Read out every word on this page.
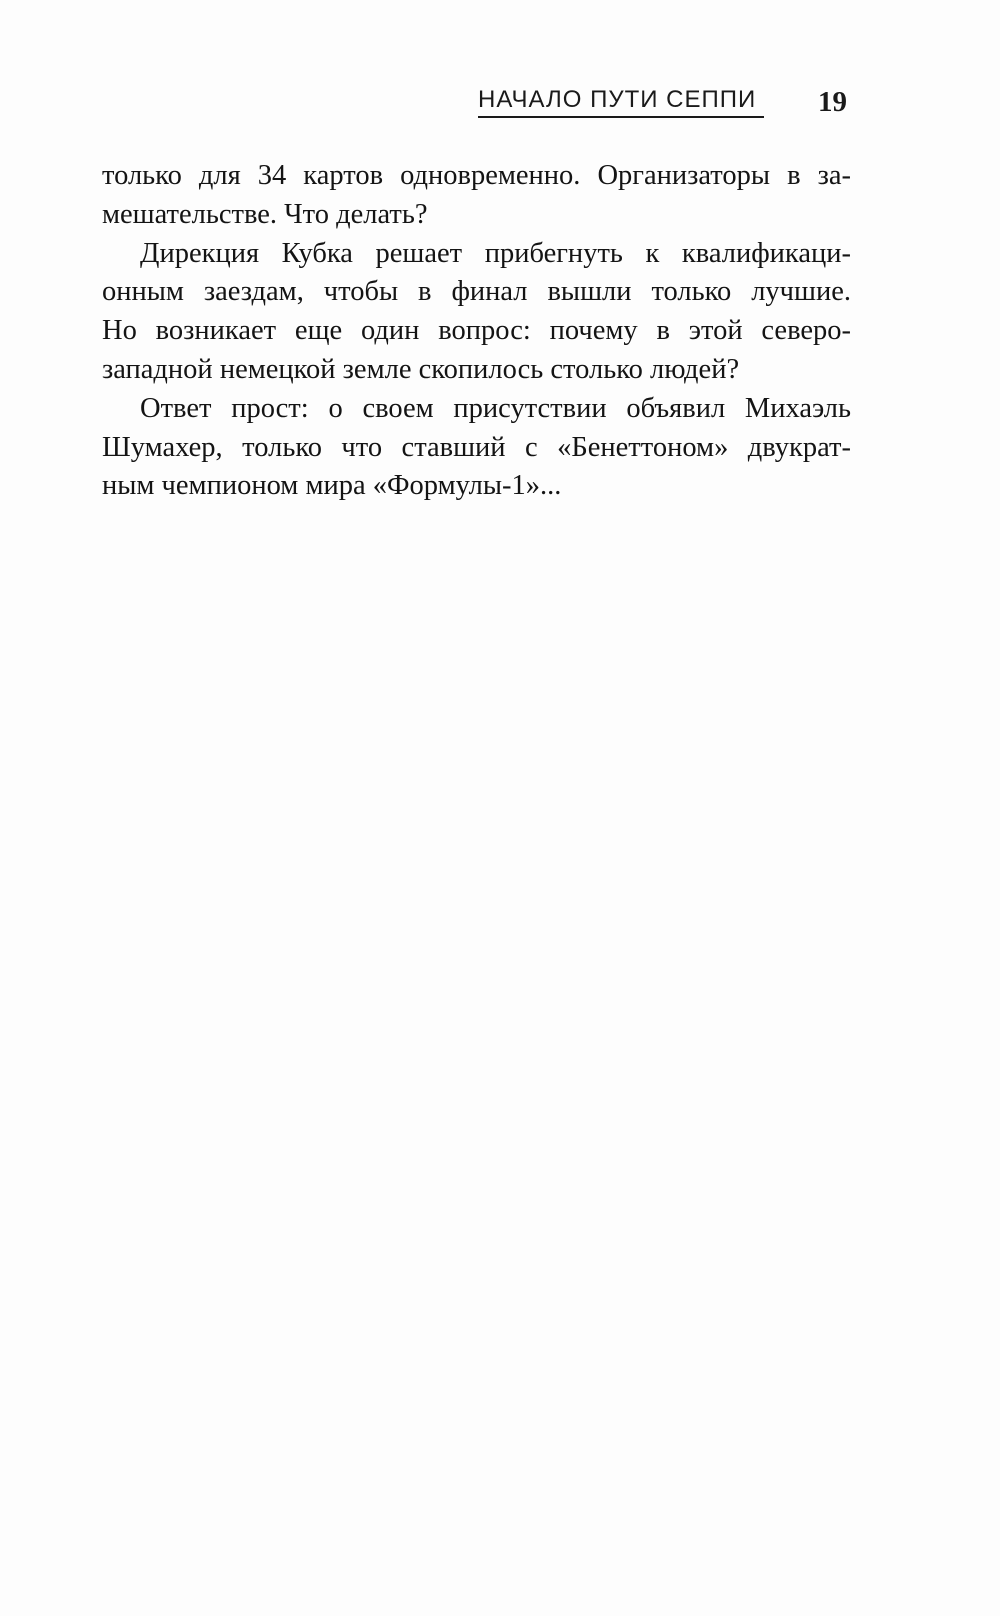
НАЧАЛО ПУТИ СЕППИ 19
только для 34 картов одновременно. Организаторы в за-
мешательстве. Что делать?
Дирекция Кубка решает прибегнуть к квалификаци-
онным заездам, чтобы в финал вышли только лучшие.
Но возникает еще один вопрос: почему в этой северо-
западной немецкой земле скопилось столько людей?
Ответ прост: о своем присутствии объявил Михаэль
Шумахер, только что ставший с «Бенеттоном» двукрат-
ным чемпионом мира «Формулы-1»...
